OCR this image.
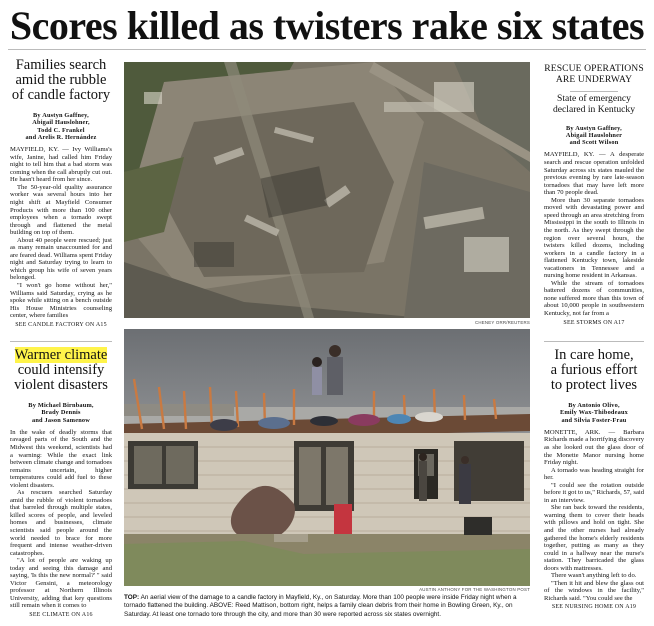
Scores killed as twisters rake six states
Families search
amid the rubble
of candle factory
By Austyn Gaffney,
Abigail Hauslohner,
Todd C. Frankel
and Arelis R. Hernández

MAYFIELD, KY. — Ivy Williams's wife, Janine, had called him Friday night to tell him that a bad storm was coming when the call abruptly cut out. He hasn't heard from her since.

The 50-year-old quality assurance worker was several hours into her night shift at Mayfield Consumer Products with more than 100 other employees when a tornado swept through and flattened the metal building on top of them.

About 40 people were rescued; just as many remain unaccounted for and are feared dead. Williams spent Friday night and Saturday trying to learn to which group his wife of seven years belonged.

"I won't go home without her," Williams said Saturday, crying as he spoke while sitting on a bench outside His House Ministries counseling center, where families

SEE CANDLE FACTORY ON A15
Warmer climate
could intensify
violent disasters
By Michael Birnbaum,
Brady Dennis
and Jason Samenow

In the wake of deadly storms that ravaged parts of the South and the Midwest this weekend, scientists had a warning: While the exact link between climate change and tornadoes remains uncertain, higher temperatures could add fuel to these violent disasters.

As rescuers searched Saturday amid the rubble of violent tornadoes that barreled through multiple states, killed scores of people, and leveled homes and businesses, climate scientists said people around the world needed to brace for more frequent and intense weather-driven catastrophes.

"A lot of people are waking up today and seeing this damage and saying, 'Is this the new normal?' " said Victor Gensini, a meteorology professor at Northern Illinois University, adding that key questions still remain when it comes to

SEE CLIMATE ON A16
CHENEY ORR/REUTERS
AUSTIN ANTHONY FOR THE WASHINGTON POST
TOP: An aerial view of the damage to a candle factory in Mayfield, Ky., on Saturday. More than 100 people were inside Friday night when a tornado flattened the building. ABOVE: Reed Mattison, bottom right, helps a family clean debris from their home in Bowling Green, Ky., on Saturday. At least one tornado tore through the city, and more than 30 were reported across six states overnight.
RESCUE OPERATIONS
ARE UNDERWAY
State of emergency
declared in Kentucky
By Austyn Gaffney,
Abigail Hauslohner
and Scott Wilson

MAYFIELD, KY. — A desperate search and rescue operation unfolded Saturday across six states mauled the previous evening by rare late-season tornadoes that may have left more than 70 people dead.

More than 30 separate tornadoes moved with devastating power and speed through an area stretching from Mississippi in the south to Illinois in the north. As they swept through the region over several hours, the twisters killed dozens, including workers in a candle factory in a flattened Kentucky town, lakeside vacationers in Tennessee and a nursing home resident in Arkansas.

While the stream of tornadoes battered dozens of communities, none suffered more than this town of about 10,000 people in southwestern Kentucky, not far from a

SEE STORMS ON A17
In care home,
a furious effort
to protect lives
By Antonio Olivo,
Emily Wax-Thibodeaux
and Silvia Foster-Frau

MONETTE, ARK. — Barbara Richards made a horrifying discovery as she looked out the glass door of the Monette Manor nursing home Friday night.

A tornado was heading straight for her.

"I could see the rotation outside before it got to us," Richards, 57, said in an interview.

She ran back toward the residents, warning them to cover their heads with pillows and hold on tight. She and the other nurses had already gathered the home's elderly residents together, putting as many as they could in a hallway near the nurse's station. They barricaded the glass doors with mattresses.

There wasn't anything left to do.

"Then it hit and blew the glass out of the windows in the facility," Richards said. "You could see the

SEE NURSING HOME ON A19
